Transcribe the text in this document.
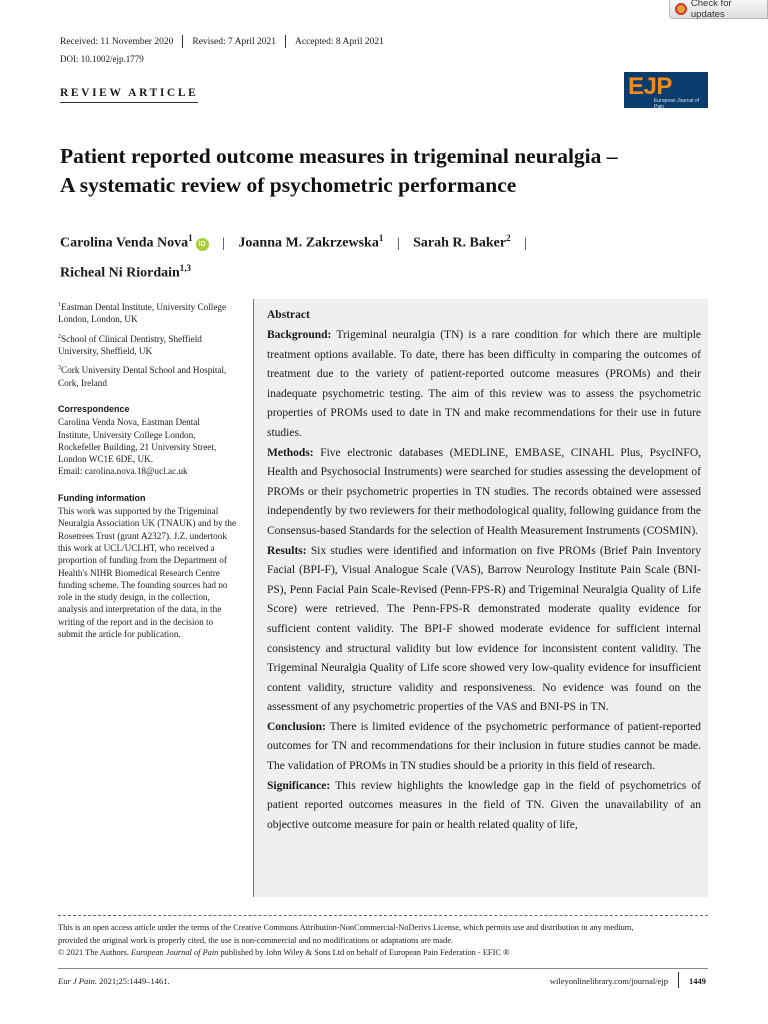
Check for updates
Received: 11 November 2020 Revised: 7 April 2021 Accepted: 8 April 2021
DOI: 10.1002/ejp.1779
REVIEW ARTICLE	EJP
European Journal of Pain
Patient reported outcome measures in trigeminal neuralgia –
A systematic review of psychometric performance
Carolina Venda Nova$^1$iD | Joanna M. Zakrzewska$^1$ | Sarah R. Baker$^2$ |
Richeal Ni Riordain$^{1,3}$
$^1$Eastman Dental Institute, University College London, London, UK
$^2$School of Clinical Dentistry, Sheffield University, Sheffield, UK
$^3$Cork University Dental School and Hospital, Cork, Ireland
Correspondence
Carolina Venda Nova, Eastman Dental
Institute, University College London,
Rockefeller Building, 21 University Street,
London WC1E 6DE, UK.
Email: carolina.nova.18@ucl.ac.uk
Funding information
This work was supported by the Trigeminal Neuralgia Association UK (TNAUK) and by the Rosetrees Trust (grant A2327). J.Z. undertook this work at UCL/UCLHT, who received a proportion of funding from the Department of Health's NIHR Biomedical Research Centre funding scheme. The founding sources had no role in the study design, in the collection, analysis and interpretation of the data, in the writing of the report and in the decision to submit the article for publication.
Abstract

Background: Trigeminal neuralgia (TN) is a rare condition for which there are multiple treatment options available. To date, there has been difficulty in comparing the outcomes of treatment due to the variety of patient-reported outcome measures (PROMs) and their inadequate psychometric testing. The aim of this review was to assess the psychometric properties of PROMs used to date in TN and make recommendations for their use in future studies.

Methods: Five electronic databases (MEDLINE, EMBASE, CINAHL Plus, PsycINFO, Health and Psychosocial Instruments) were searched for studies assessing the development of PROMs or their psychometric properties in TN studies. The records obtained were assessed independently by two reviewers for their methodological quality, following guidance from the Consensus-based Standards for the selection of Health Measurement Instruments (COSMIN).

Results: Six studies were identified and information on five PROMs (Brief Pain Inventory Facial (BPI-F), Visual Analogue Scale (VAS), Barrow Neurology Institute Pain Scale (BNI-PS), Penn Facial Pain Scale-Revised (Penn-FPS-R) and Trigeminal Neuralgia Quality of Life Score) were retrieved. The Penn-FPS-R demonstrated moderate quality evidence for sufficient content validity. The BPI-F showed moderate evidence for sufficient internal consistency and structural validity but low evidence for inconsistent content validity. The Trigeminal Neuralgia Quality of Life score showed very low-quality evidence for insufficient content validity, structure validity and responsiveness. No evidence was found on the assessment of any psychometric properties of the VAS and BNI-PS in TN.

Conclusion: There is limited evidence of the psychometric performance of patient-reported outcomes for TN and recommendations for their inclusion in future studies cannot be made. The validation of PROMs in TN studies should be a priority in this field of research.

Significance: This review highlights the knowledge gap in the field of psychometrics of patient reported outcomes measures in the field of TN. Given the unavailability of an objective outcome measure for pain or health related quality of life,

This is an open access article under the terms of the Creative Commons Attribution-NonCommercial-NoDerivs License, which permits use and distribution in any medium,
provided the original work is properly cited, the use is non-commercial and no modifications or adaptations are made.
© 2021 The Authors. European Journal of Pain published by John Wiley & Sons Ltd on behalf of European Pain Federation - EFIC ®
Eur J Pain. 2021;25:1449–1461.	wileyonlinelibrary.com/journal/ejp 1449
